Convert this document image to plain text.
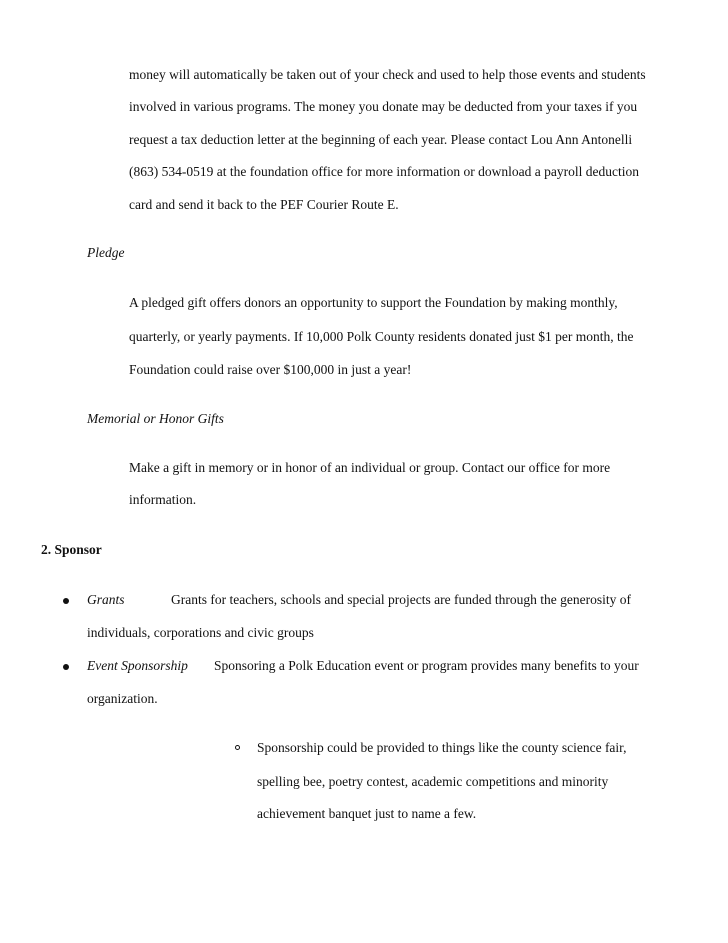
money will automatically be taken out of your check and used to help those events and students
involved in various programs. The money you donate may be deducted from your taxes if you
request a tax deduction letter at the beginning of each year. Please contact Lou Ann Antonelli
(863) 534-0519 at the foundation office for more information or download a payroll deduction
card and send it back to the PEF Courier Route E.
Pledge
A pledged gift offers donors an opportunity to support the Foundation by making monthly,
quarterly, or yearly payments. If 10,000 Polk County residents donated just $1 per month, the
Foundation could raise over $100,000 in just a year!
Memorial or Honor Gifts
Make a gift in memory or in honor of an individual or group. Contact our office for more
information.
2. Sponsor
Grants	Grants for teachers, schools and special projects are funded through the generosity of
individuals, corporations and civic groups
Event Sponsorship Sponsoring a Polk Education event or program provides many benefits to your
organization.
Sponsorship could be provided to things like the county science fair,
spelling bee, poetry contest, academic competitions and minority
achievement banquet just to name a few.
